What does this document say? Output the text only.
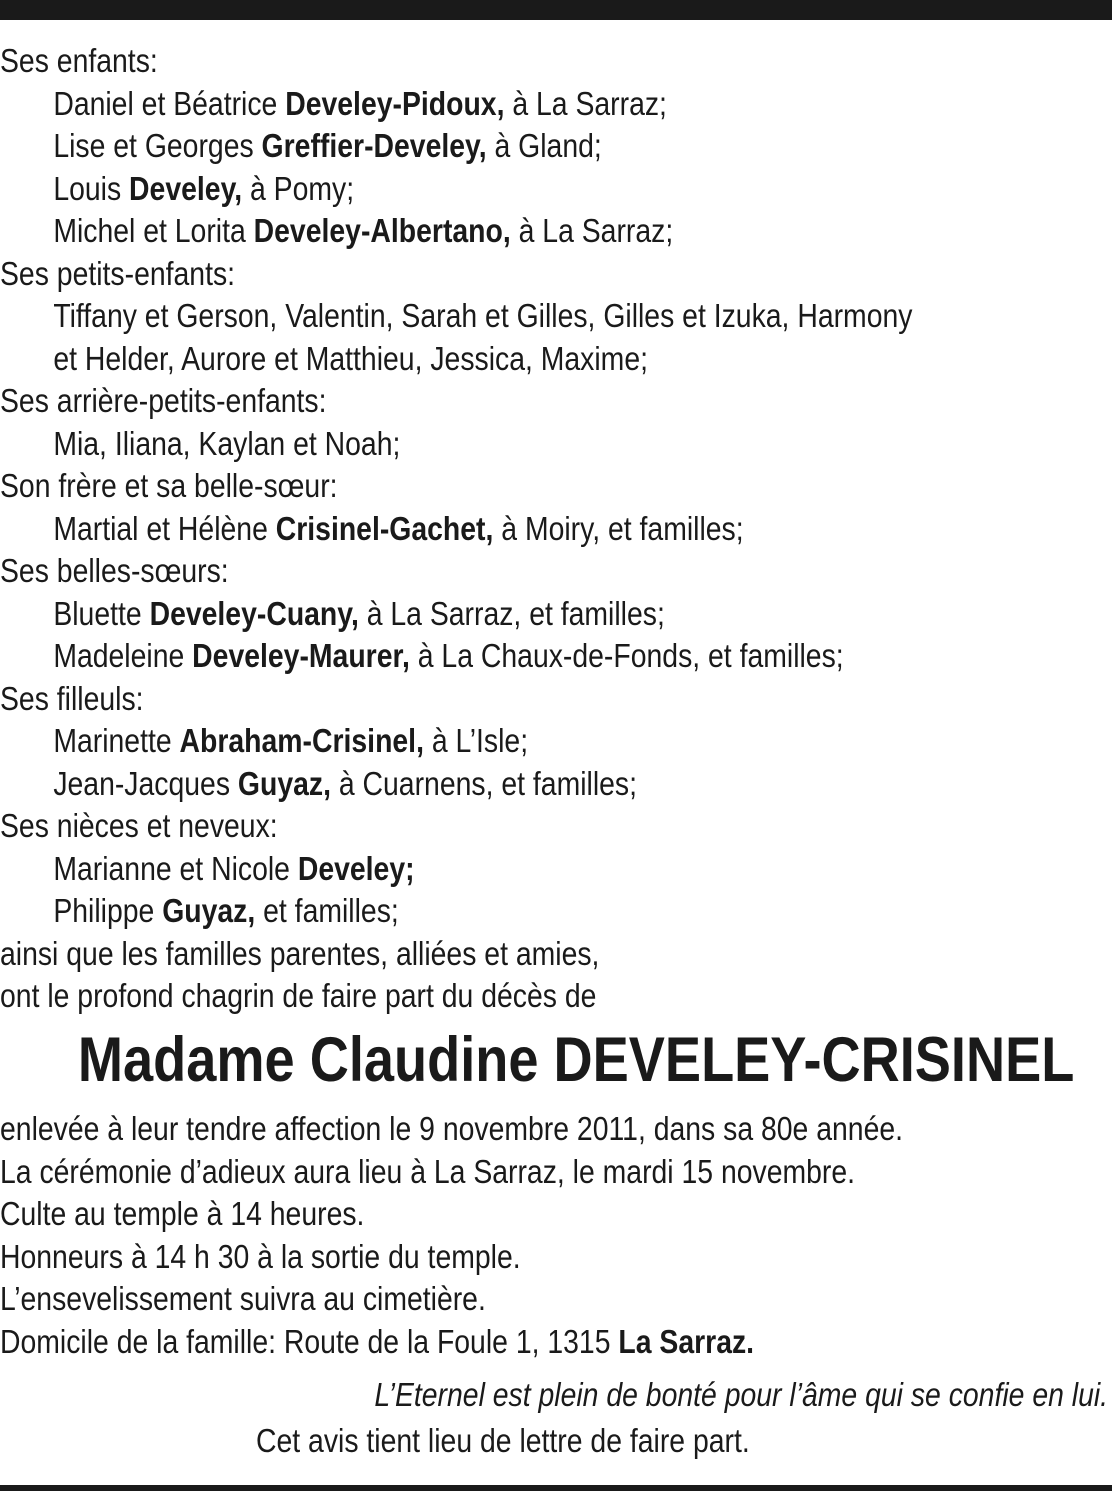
Ses enfants:
Daniel et Béatrice Develey-Pidoux, à La Sarraz;
Lise et Georges Greffier-Develey, à Gland;
Louis Develey, à Pomy;
Michel et Lorita Develey-Albertano, à La Sarraz;
Ses petits-enfants:
Tiffany et Gerson, Valentin, Sarah et Gilles, Gilles et Izuka, Harmony
et Helder, Aurore et Matthieu, Jessica, Maxime;
Ses arrière-petits-enfants:
Mia, Iliana, Kaylan et Noah;
Son frère et sa belle-sœur:
Martial et Hélène Crisinel-Gachet, à Moiry, et familles;
Ses belles-sœurs:
Bluette Develey-Cuany, à La Sarraz, et familles;
Madeleine Develey-Maurer, à La Chaux-de-Fonds, et familles;
Ses filleuls:
Marinette Abraham-Crisinel, à L’Isle;
Jean-Jacques Guyaz, à Cuarnens, et familles;
Ses nièces et neveux:
Marianne et Nicole Develey;
Philippe Guyaz, et familles;
ainsi que les familles parentes, alliées et amies,
ont le profond chagrin de faire part du décès de
Madame Claudine DEVELEY-CRISINEL
enlevée à leur tendre affection le 9 novembre 2011, dans sa 80e année.
La cérémonie d’adieux aura lieu à La Sarraz, le mardi 15 novembre.
Culte au temple à 14 heures.
Honneurs à 14 h 30 à la sortie du temple.
L’ensevelissement suivra au cimetière.
Domicile de la famille: Route de la Foule 1, 1315 La Sarraz.
L’Eternel est plein de bonté pour l’âme qui se confie en lui.
Cet avis tient lieu de lettre de faire part.
